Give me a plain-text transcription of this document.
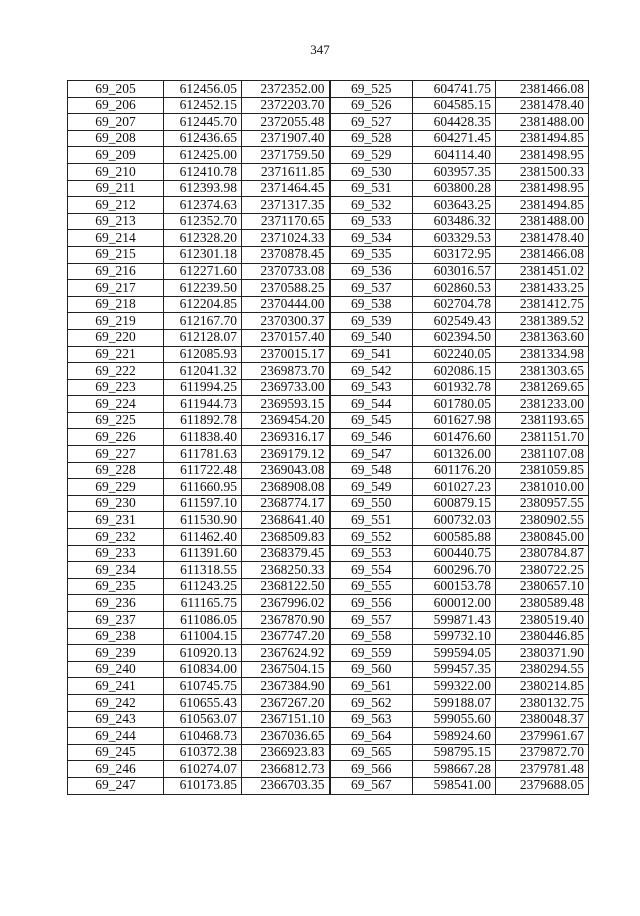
347
69_205	612456.05	2372352.00	69_525	604741.75	2381466.08
69_206	612452.15	2372203.70	69_526	604585.15	2381478.40
69_207	612445.70	2372055.48	69_527	604428.35	2381488.00
69_208	612436.65	2371907.40	69_528	604271.45	2381494.85
69_209	612425.00	2371759.50	69_529	604114.40	2381498.95
69_210	612410.78	2371611.85	69_530	603957.35	2381500.33
69_211	612393.98	2371464.45	69_531	603800.28	2381498.95
69_212	612374.63	2371317.35	69_532	603643.25	2381494.85
69_213	612352.70	2371170.65	69_533	603486.32	2381488.00
69_214	612328.20	2371024.33	69_534	603329.53	2381478.40
69_215	612301.18	2370878.45	69_535	603172.95	2381466.08
69_216	612271.60	2370733.08	69_536	603016.57	2381451.02
69_217	612239.50	2370588.25	69_537	602860.53	2381433.25
69_218	612204.85	2370444.00	69_538	602704.78	2381412.75
69_219	612167.70	2370300.37	69_539	602549.43	2381389.52
69_220	612128.07	2370157.40	69_540	602394.50	2381363.60
69_221	612085.93	2370015.17	69_541	602240.05	2381334.98
69_222	612041.32	2369873.70	69_542	602086.15	2381303.65
69_223	611994.25	2369733.00	69_543	601932.78	2381269.65
69_224	611944.73	2369593.15	69_544	601780.05	2381233.00
69_225	611892.78	2369454.20	69_545	601627.98	2381193.65
69_226	611838.40	2369316.17	69_546	601476.60	2381151.70
69_227	611781.63	2369179.12	69_547	601326.00	2381107.08
69_228	611722.48	2369043.08	69_548	601176.20	2381059.85
69_229	611660.95	2368908.08	69_549	601027.23	2381010.00
69_230	611597.10	2368774.17	69_550	600879.15	2380957.55
69_231	611530.90	2368641.40	69_551	600732.03	2380902.55
69_232	611462.40	2368509.83	69_552	600585.88	2380845.00
69_233	611391.60	2368379.45	69_553	600440.75	2380784.87
69_234	611318.55	2368250.33	69_554	600296.70	2380722.25
69_235	611243.25	2368122.50	69_555	600153.78	2380657.10
69_236	611165.75	2367996.02	69_556	600012.00	2380589.48
69_237	611086.05	2367870.90	69_557	599871.43	2380519.40
69_238	611004.15	2367747.20	69_558	599732.10	2380446.85
69_239	610920.13	2367624.92	69_559	599594.05	2380371.90
69_240	610834.00	2367504.15	69_560	599457.35	2380294.55
69_241	610745.75	2367384.90	69_561	599322.00	2380214.85
69_242	610655.43	2367267.20	69_562	599188.07	2380132.75
69_243	610563.07	2367151.10	69_563	599055.60	2380048.37
69_244	610468.73	2367036.65	69_564	598924.60	2379961.67
69_245	610372.38	2366923.83	69_565	598795.15	2379872.70
69_246	610274.07	2366812.73	69_566	598667.28	2379781.48
69_247	610173.85	2366703.35	69_567	598541.00	2379688.05
